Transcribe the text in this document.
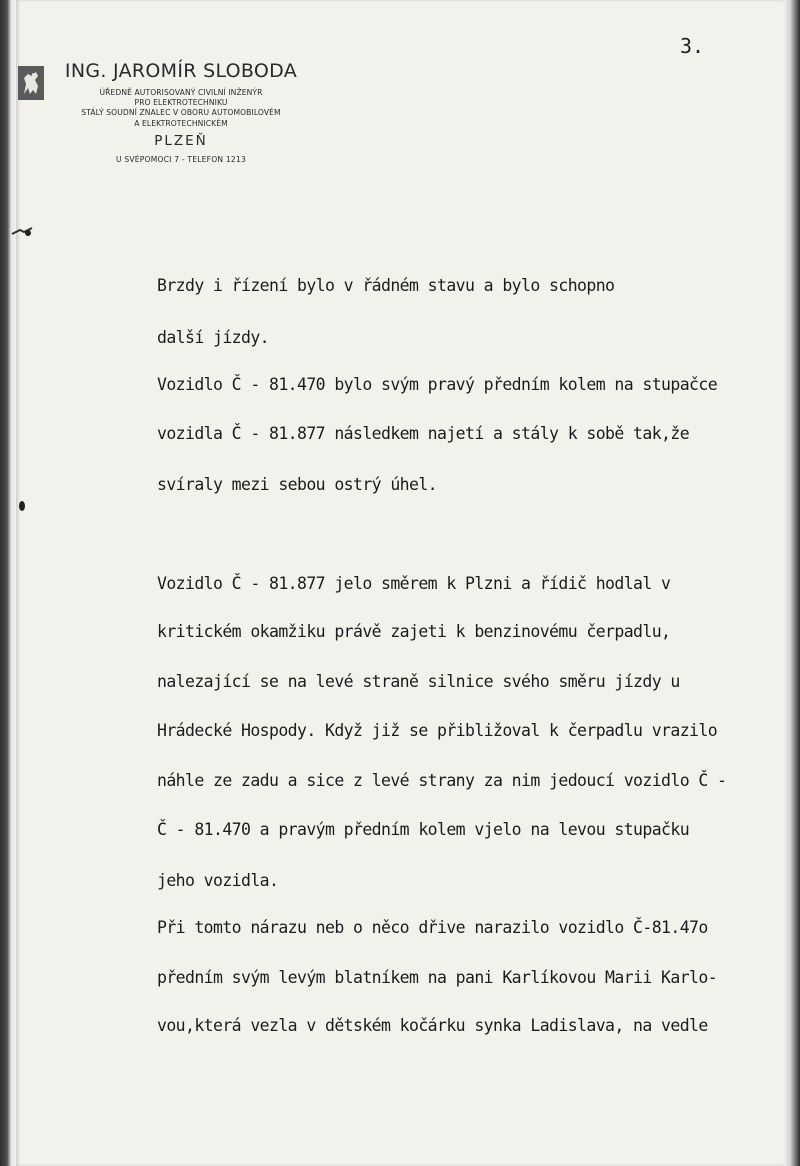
3.
ING. JAROMÍR SLOBODA
ÚŘEDNĚ AUTORISOVANÝ CIVILNÍ INŽENÝR
PRO ELEKTROTECHNIKU
STÁLÝ SOUDNÍ ZNALEC V OBORU AUTOMOBILOVÉM
A ELEKTROTECHNICKÉM
PLZEŇ
U SVÉPOMOCI 7 - TELEFON 1213
Brzdy i řízení bylo v řádném stavu a bylo schopno
další jízdy.
Vozidlo Č - 81.470 bylo svým pravý předním kolem na stupačce
vozidla Č - 81.877 následkem najetí a stály k sobě tak,že
svíraly mezi sebou ostrý úhel.
Vozidlo Č - 81.877 jelo směrem k Plzni a řídič hodlal v
kritickém okamžiku právě zajeti k benzinovému čerpadlu,
nalezající se na levé straně silnice svého směru jízdy u
Hrádecké Hospody. Když již se přibližoval k čerpadlu vrazilo
náhle ze zadu a sice z levé strany za nim jedoucí vozidlo Č -
Č - 81.470 a pravým předním kolem vjelo na levou stupačku
jeho vozidla.
Při tomto nárazu neb o něco dřive narazilo vozidlo Č-81.47o
předním svým levým blatníkem na pani Karlíkovou Marii Karlo-
vou,která vezla v dětském kočárku synka Ladislava, na vedle
